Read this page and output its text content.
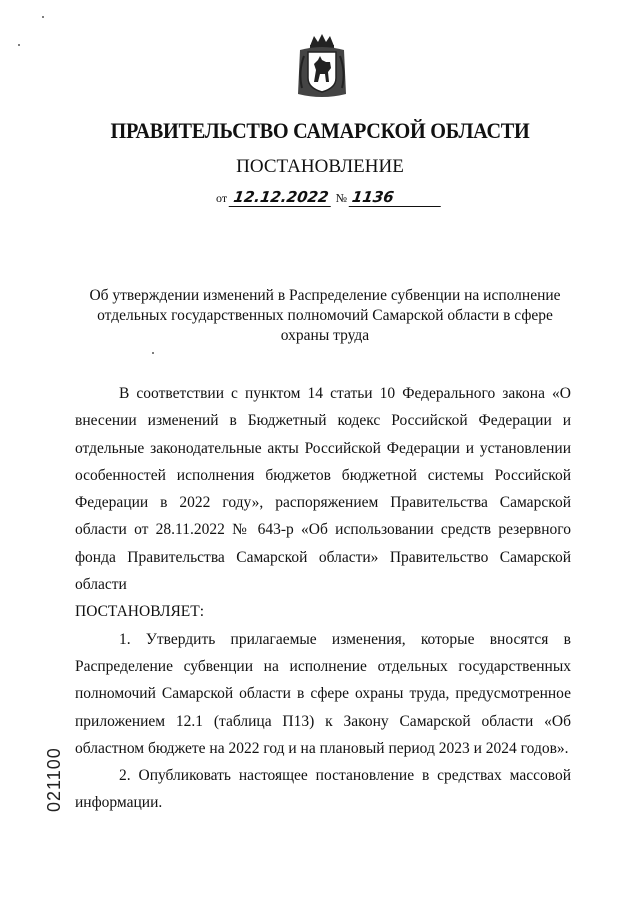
ПРАВИТЕЛЬСТВО САМАРСКОЙ ОБЛАСТИ
ПОСТАНОВЛЕНИЕ
от 12.12.2022 № 1136
Об утверждении изменений в Распределение субвенции на исполнение отдельных государственных полномочий Самарской области в сфере охраны труда

В соответствии с пунктом 14 статьи 10 Федерального закона «О внесении изменений в Бюджетный кодекс Российской Федерации и отдельные законодательные акты Российской Федерации и установлении особенностей исполнения бюджетов бюджетной системы Российской Федерации в 2022 году», распоряжением Правительства Самарской области от 28.11.2022 № 643-р «Об использовании средств резервного фонда Правительства Самарской области» Правительство Самарской области

ПОСТАНОВЛЯЕТ:

1. Утвердить прилагаемые изменения, которые вносятся в Распределение субвенции на исполнение отдельных государственных полномочий Самарской области в сфере охраны труда, предусмотренное приложением 12.1 (таблица П13) к Закону Самарской области «Об областном бюджете на 2022 год и на плановый период 2023 и 2024 годов».

2. Опубликовать настоящее постановление в средствах массовой информации.

021100
